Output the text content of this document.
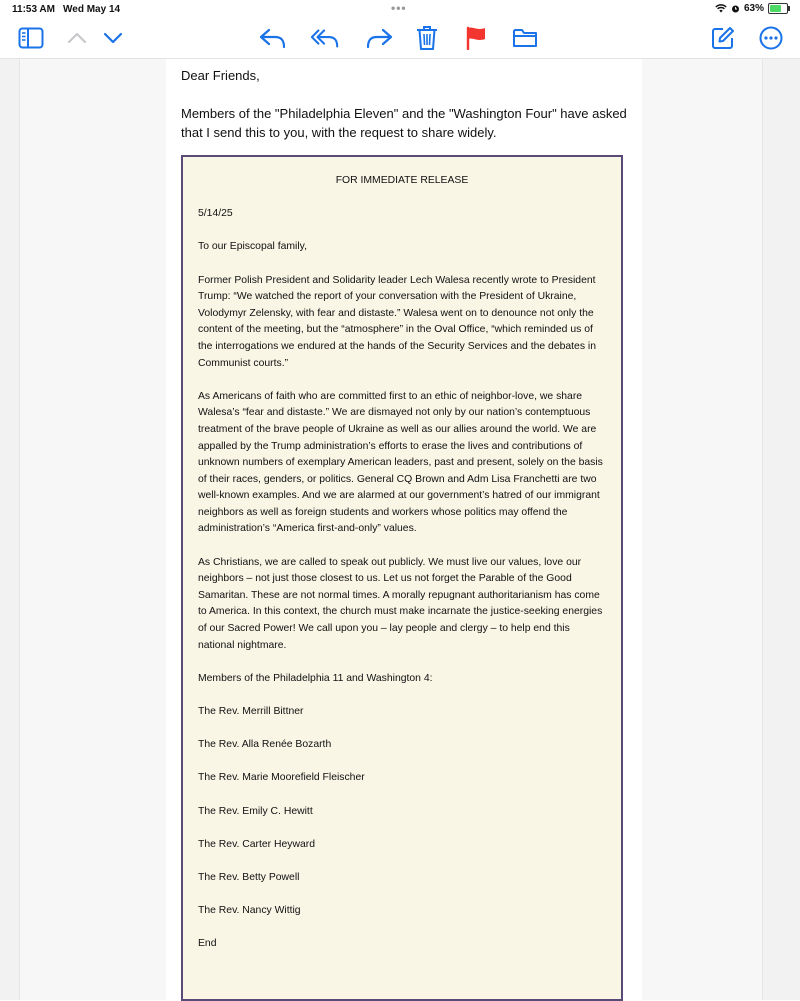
11:53 AM Wed May 14	•••	63%
Dear Friends,
Members of the "Philadelphia Eleven" and the "Washington Four" have asked that I send this to you, with the request to share widely.

FOR IMMEDIATE RELEASE

5/14/25

To our Episcopal family,

Former Polish President and Solidarity leader Lech Walesa recently wrote to President Trump: “We watched the report of your conversation with the President of Ukraine, Volodymyr Zelensky, with fear and distaste.” Walesa went on to denounce not only the content of the meeting, but the “atmosphere” in the Oval Office, “which reminded us of the interrogations we endured at the hands of the Security Services and the debates in Communist courts.”

As Americans of faith who are committed first to an ethic of neighbor-love, we share Walesa’s “fear and distaste.” We are dismayed not only by our nation’s contemptuous treatment of the brave people of Ukraine as well as our allies around the world. We are appalled by the Trump administration’s efforts to erase the lives and contributions of unknown numbers of exemplary American leaders, past and present, solely on the basis of their races, genders, or politics. General CQ Brown and Adm Lisa Franchetti are two well-known examples. And we are alarmed at our government’s hatred of our immigrant neighbors as well as foreign students and workers whose politics may offend the administration’s “America first-and-only” values.

As Christians, we are called to speak out publicly. We must live our values, love our neighbors – not just those closest to us. Let us not forget the Parable of the Good Samaritan. These are not normal times. A morally repugnant authoritarianism has come to America. In this context, the church must make incarnate the justice-seeking energies of our Sacred Power! We call upon you – lay people and clergy – to help end this national nightmare.

Members of the Philadelphia 11 and Washington 4:

The Rev. Merrill Bittner

The Rev. Alla Renée Bozarth

The Rev. Marie Moorefield Fleischer

The Rev. Emily C. Hewitt

The Rev. Carter Heyward

The Rev. Betty Powell

The Rev. Nancy Wittig

End
